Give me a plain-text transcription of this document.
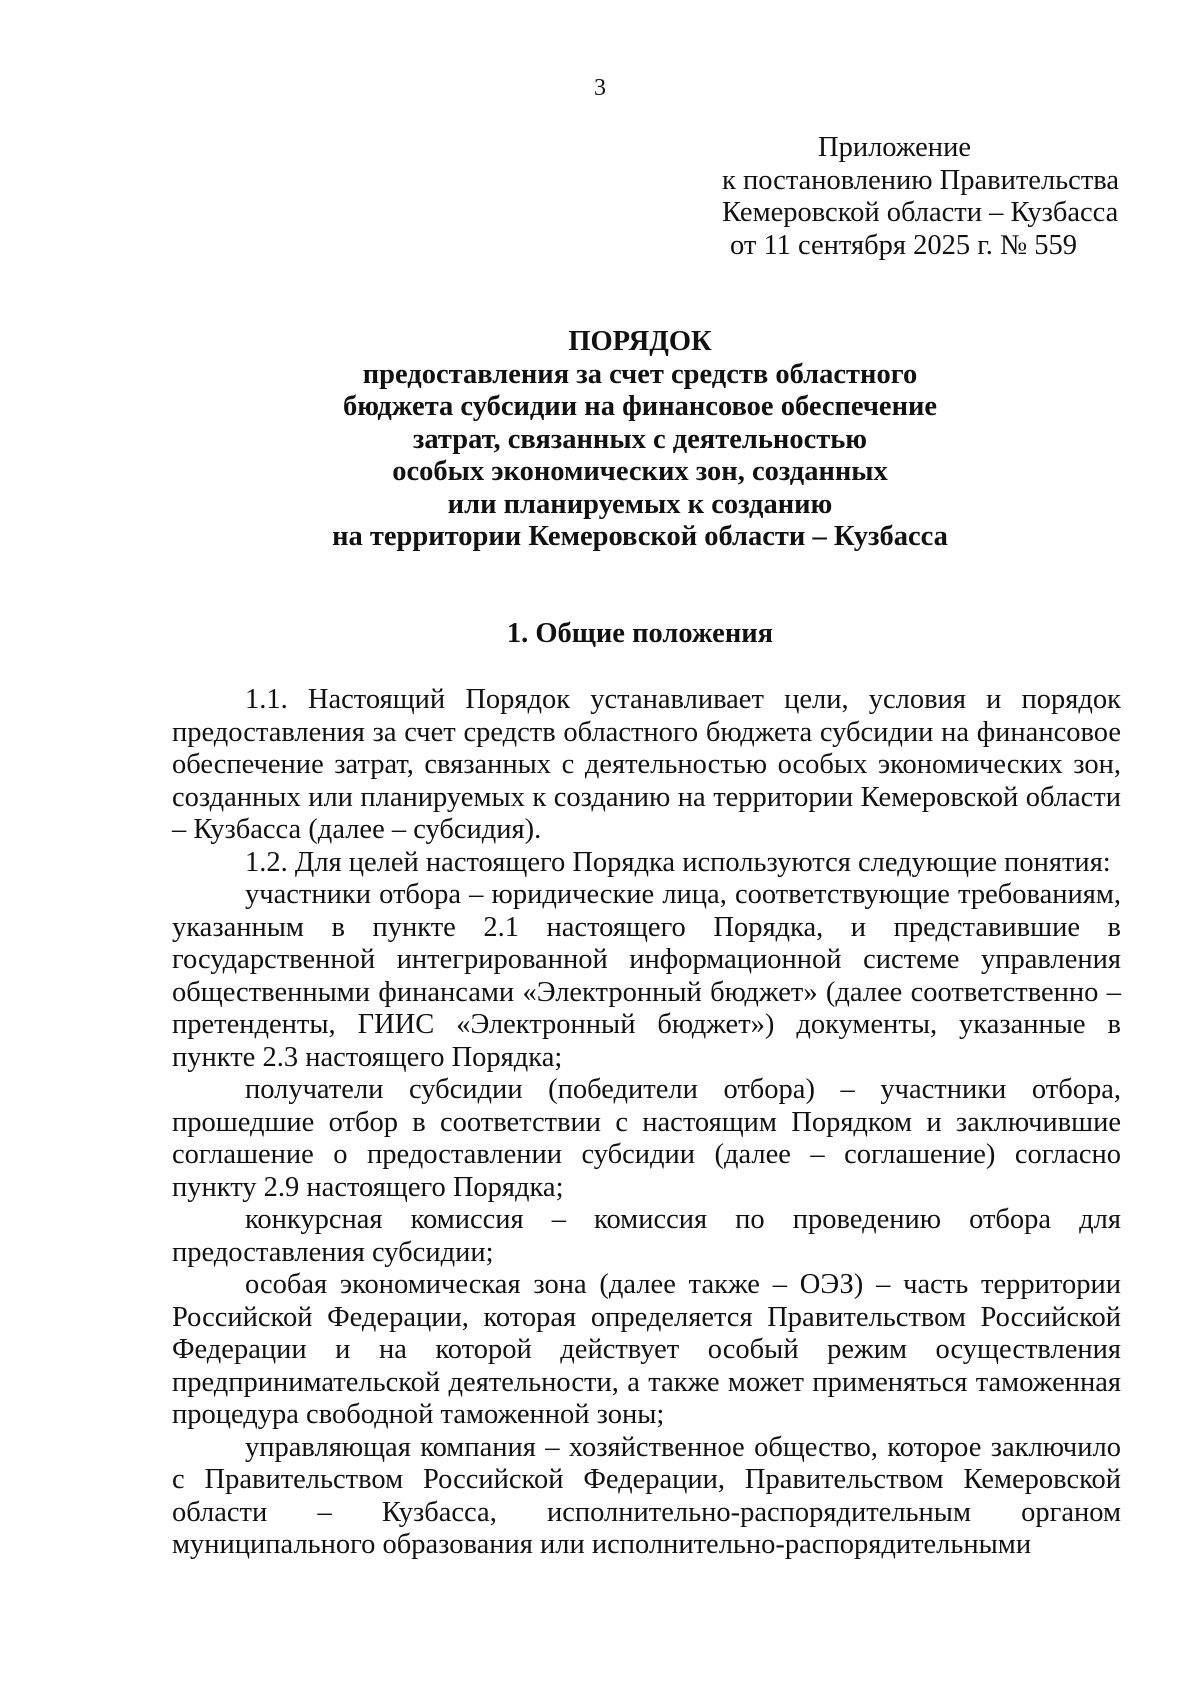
3
Приложение
к постановлению Правительства
Кемеровской области – Кузбасса
от 11 сентября 2025 г. № 559
ПОРЯДОК
предоставления за счет средств областного
бюджета субсидии на финансовое обеспечение
затрат, связанных с деятельностью
особых экономических зон, созданных
или планируемых к созданию
на территории Кемеровской области – Кузбасса
1. Общие положения

1.1. Настоящий Порядок устанавливает цели, условия и порядок предоставления за счет средств областного бюджета субсидии на финансовое обеспечение затрат, связанных с деятельностью особых экономических зон, созданных или планируемых к созданию на территории Кемеровской области – Кузбасса (далее – субсидия).

1.2. Для целей настоящего Порядка используются следующие понятия:

участники отбора – юридические лица, соответствующие требованиям, указанным в пункте 2.1 настоящего Порядка, и представившие в государственной интегрированной информационной системе управления общественными финансами «Электронный бюджет» (далее соответственно – претенденты, ГИИС «Электронный бюджет») документы, указанные в пункте 2.3 настоящего Порядка;

получатели субсидии (победители отбора) – участники отбора, прошедшие отбор в соответствии с настоящим Порядком и заключившие соглашение о предоставлении субсидии (далее – соглашение) согласно пункту 2.9 настоящего Порядка;

конкурсная комиссия – комиссия по проведению отбора для предоставления субсидии;

особая экономическая зона (далее также – ОЭЗ) – часть территории Российской Федерации, которая определяется Правительством Российской Федерации и на которой действует особый режим осуществления предпринимательской деятельности, а также может применяться таможенная процедура свободной таможенной зоны;

управляющая компания – хозяйственное общество, которое заключило с Правительством Российской Федерации, Правительством Кемеровской области – Кузбасса, исполнительно-распорядительным органом муниципального образования или исполнительно-распорядительными
